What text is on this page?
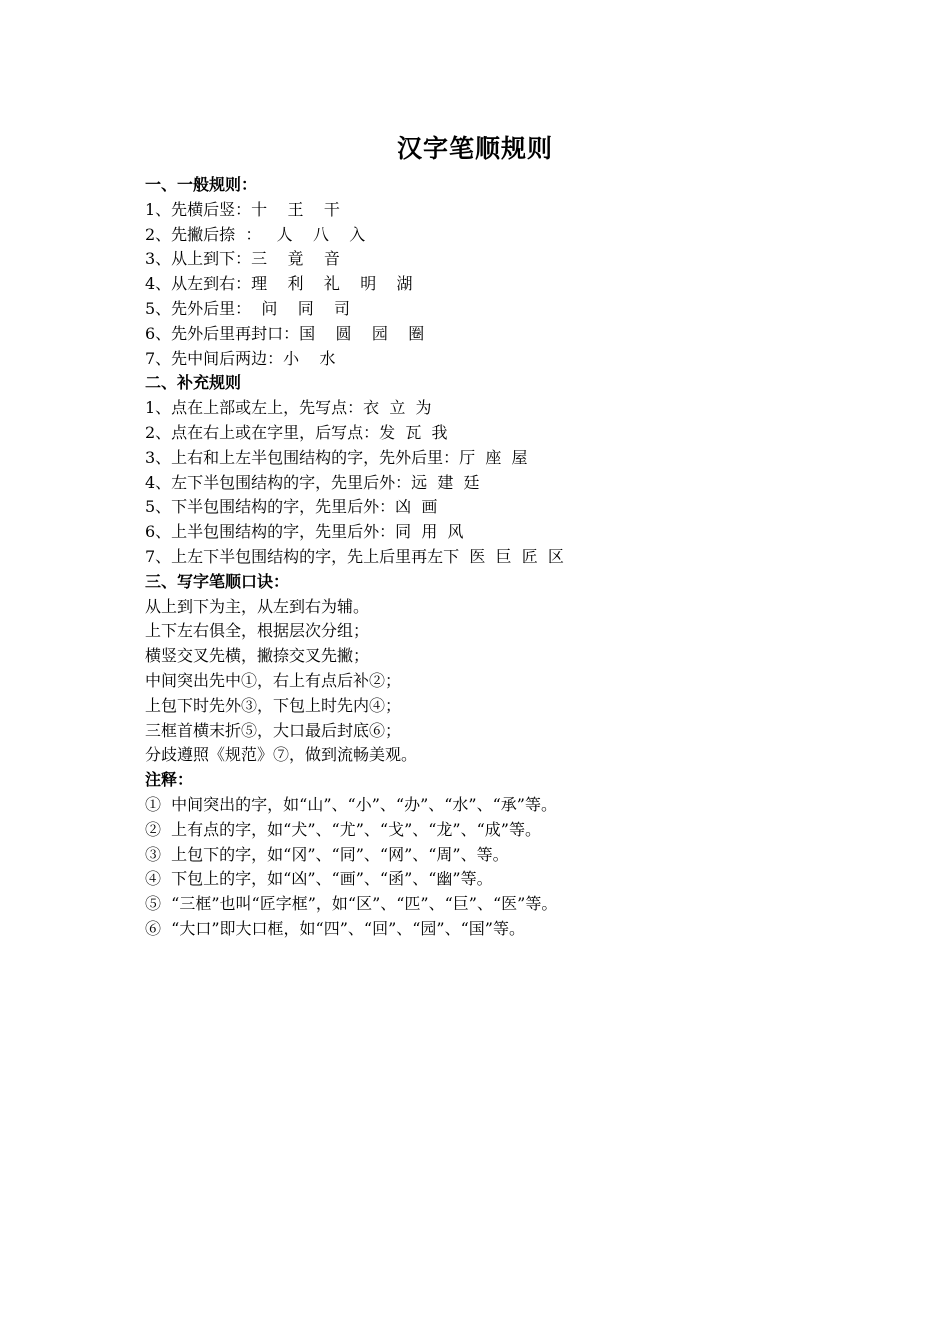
汉字笔顺规则
一、一般规则：
1、先横后竖：十    王    干
2、先撇后捺  ：   人    八    入
3、从上到下：三    竟    音
4、从左到右：理    利    礼    明    湖
5、先外后里：  问    同    司
6、先外后里再封口：国    圆    园    圈
7、先中间后两边：小    水
二、补充规则
1、点在上部或左上，先写点：衣  立  为
2、点在右上或在字里，后写点：发  瓦  我
3、上右和上左半包围结构的字，先外后里：厅  座  屋
4、左下半包围结构的字，先里后外：远  建  廷
5、下半包围结构的字，先里后外：凶  画
6、上半包围结构的字，先里后外：同  用  风
7、上左下半包围结构的字，先上后里再左下  医  巨  匠  区
三、写字笔顺口诀：
从上到下为主，从左到右为辅。
上下左右俱全，根据层次分组；
横竖交叉先横，撇捺交叉先撇；
中间突出先中①，右上有点后补②；
上包下时先外③，下包上时先内④；
三框首横末折⑤，大口最后封底⑥；
分歧遵照《规范》⑦，做到流畅美观。
注释：
①  中间突出的字，如“山”、“小”、“办”、“水”、“承”等。
②  上有点的字，如“犬”、“尤”、“戈”、“龙”、“成”等。
③  上包下的字，如“冈”、“同”、“网”、“周”、等。
④  下包上的字，如“凶”、“画”、“函”、“幽”等。
⑤  “三框”也叫“匠字框”，如“区”、“匹”、“巨”、“医”等。
⑥  “大口”即大口框，如“四”、“回”、“园”、“国”等。
